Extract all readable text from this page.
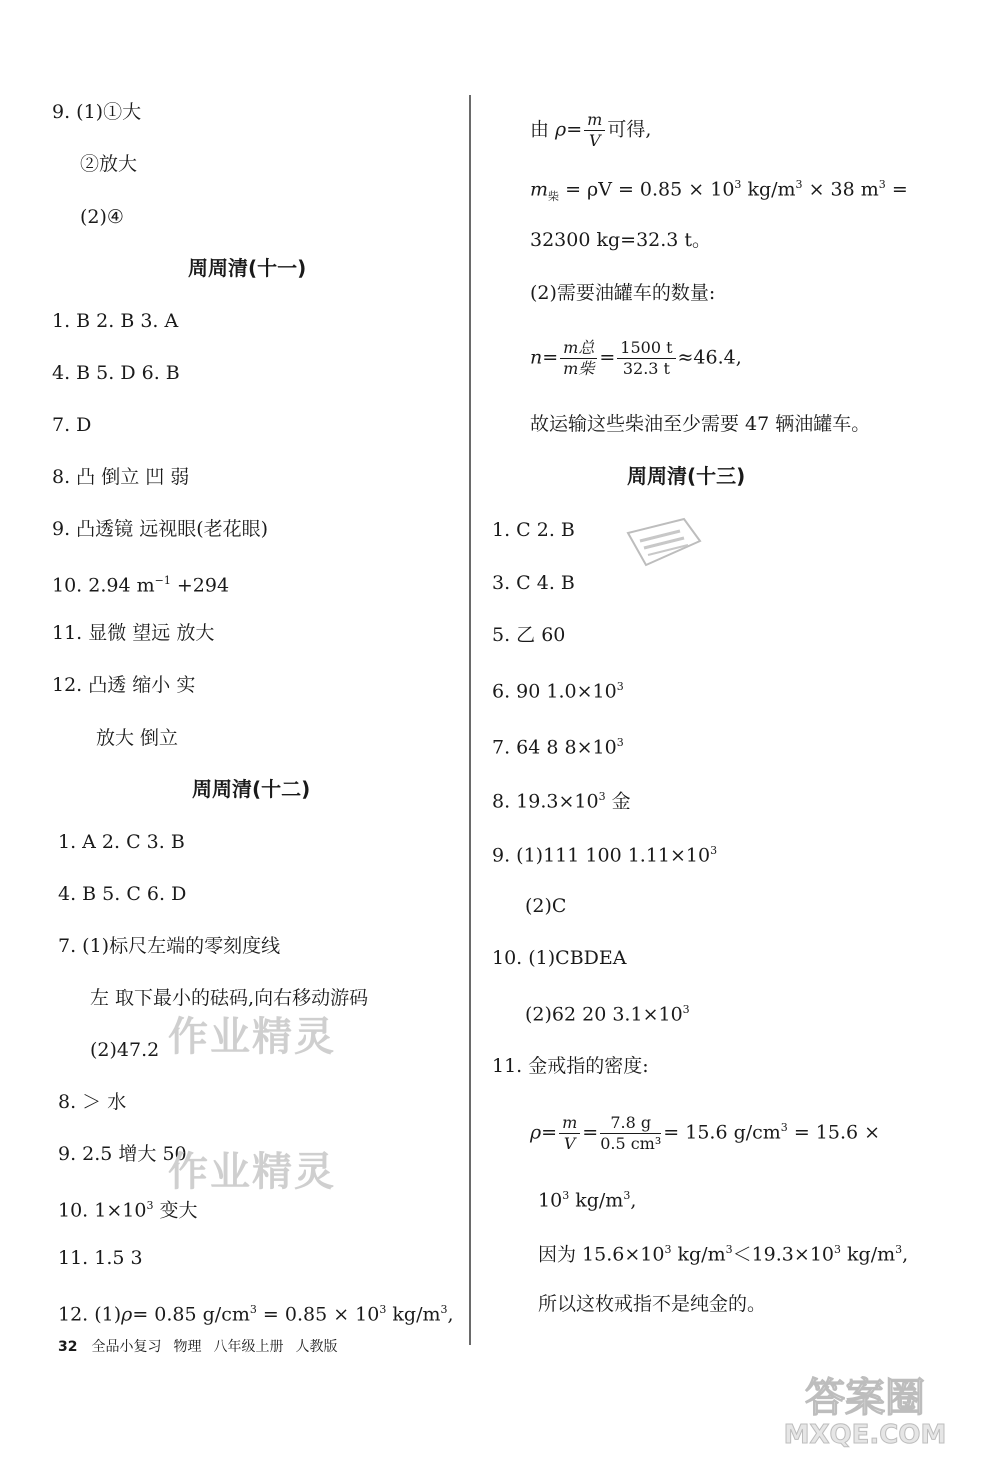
9. (1)①大
②放大
(2)④
周周清(十一)
1. B 2. B 3. A
4. B 5. D 6. B
7. D
8. 凸 倒立 凹 弱
9. 凸透镜 远视眼(老花眼)
10. 2.94 $m^{-1} +294$
11. 显微 望远 放大
12. 凸透 缩小 实
放大 倒立
周周清(十二)
1. A 2. C 3. B
4. B 5. C 6. D
7. (1)标尺左端的零刻度线
左 取下最小的砝码,向右移动游码
(2)47.2
8. ＞ 水
9. 2.5 增大 50
10. $1\times 10^3$ 变大
11. 1.5 3
12. (1)ρ= 0.85 $g/cm^3 = 0.85 \times 10^3$ $kg/m^3$,
由 $\rho= \frac{m}{V}$ 可得,
$m_柴 = \rho V = 0.85 \times 10^3$ $kg/m^3 \times 38$ $m^3$ =
32300 kg=32.3 t。
(2)需要油罐车的数量:
$n= \frac{\text{m总}}{\text{m柴}} = \frac{1500 t}{32.3 t} \approx 46.4$,
故运输这些柴油至少需要 47 辆油罐车。
周周清(十三)
1. C 2. B
3. C 4. B
5. 乙 60
6. 90 $1.0\times 10^3$
7. 64 8 $8\times 10^3$
8. $19.3\times 10^3$ 金
9. (1)111 100 $1.11\times 10^3$
(2)C
10. (1)CBDEA
(2)62 20 $3.1\times 10^3$
11. 金戒指的密度:
$\rho= \frac{m}{V} = \frac{7.8 g}{\text{0.5 cm³}} = 15.6$ $g/cm^3 = 15.6$ ×
$10^3$ $kg/m^3$,
因为 $15.6\times 10^3$ $kg/m^3<19.3\times 10^3$ $kg/m^3$,
所以这枚戒指不是纯金的。
作业精灵
作业精灵
32 全品小复习 物理 八年级上册 人教版
答案圈
MXQE.COM
